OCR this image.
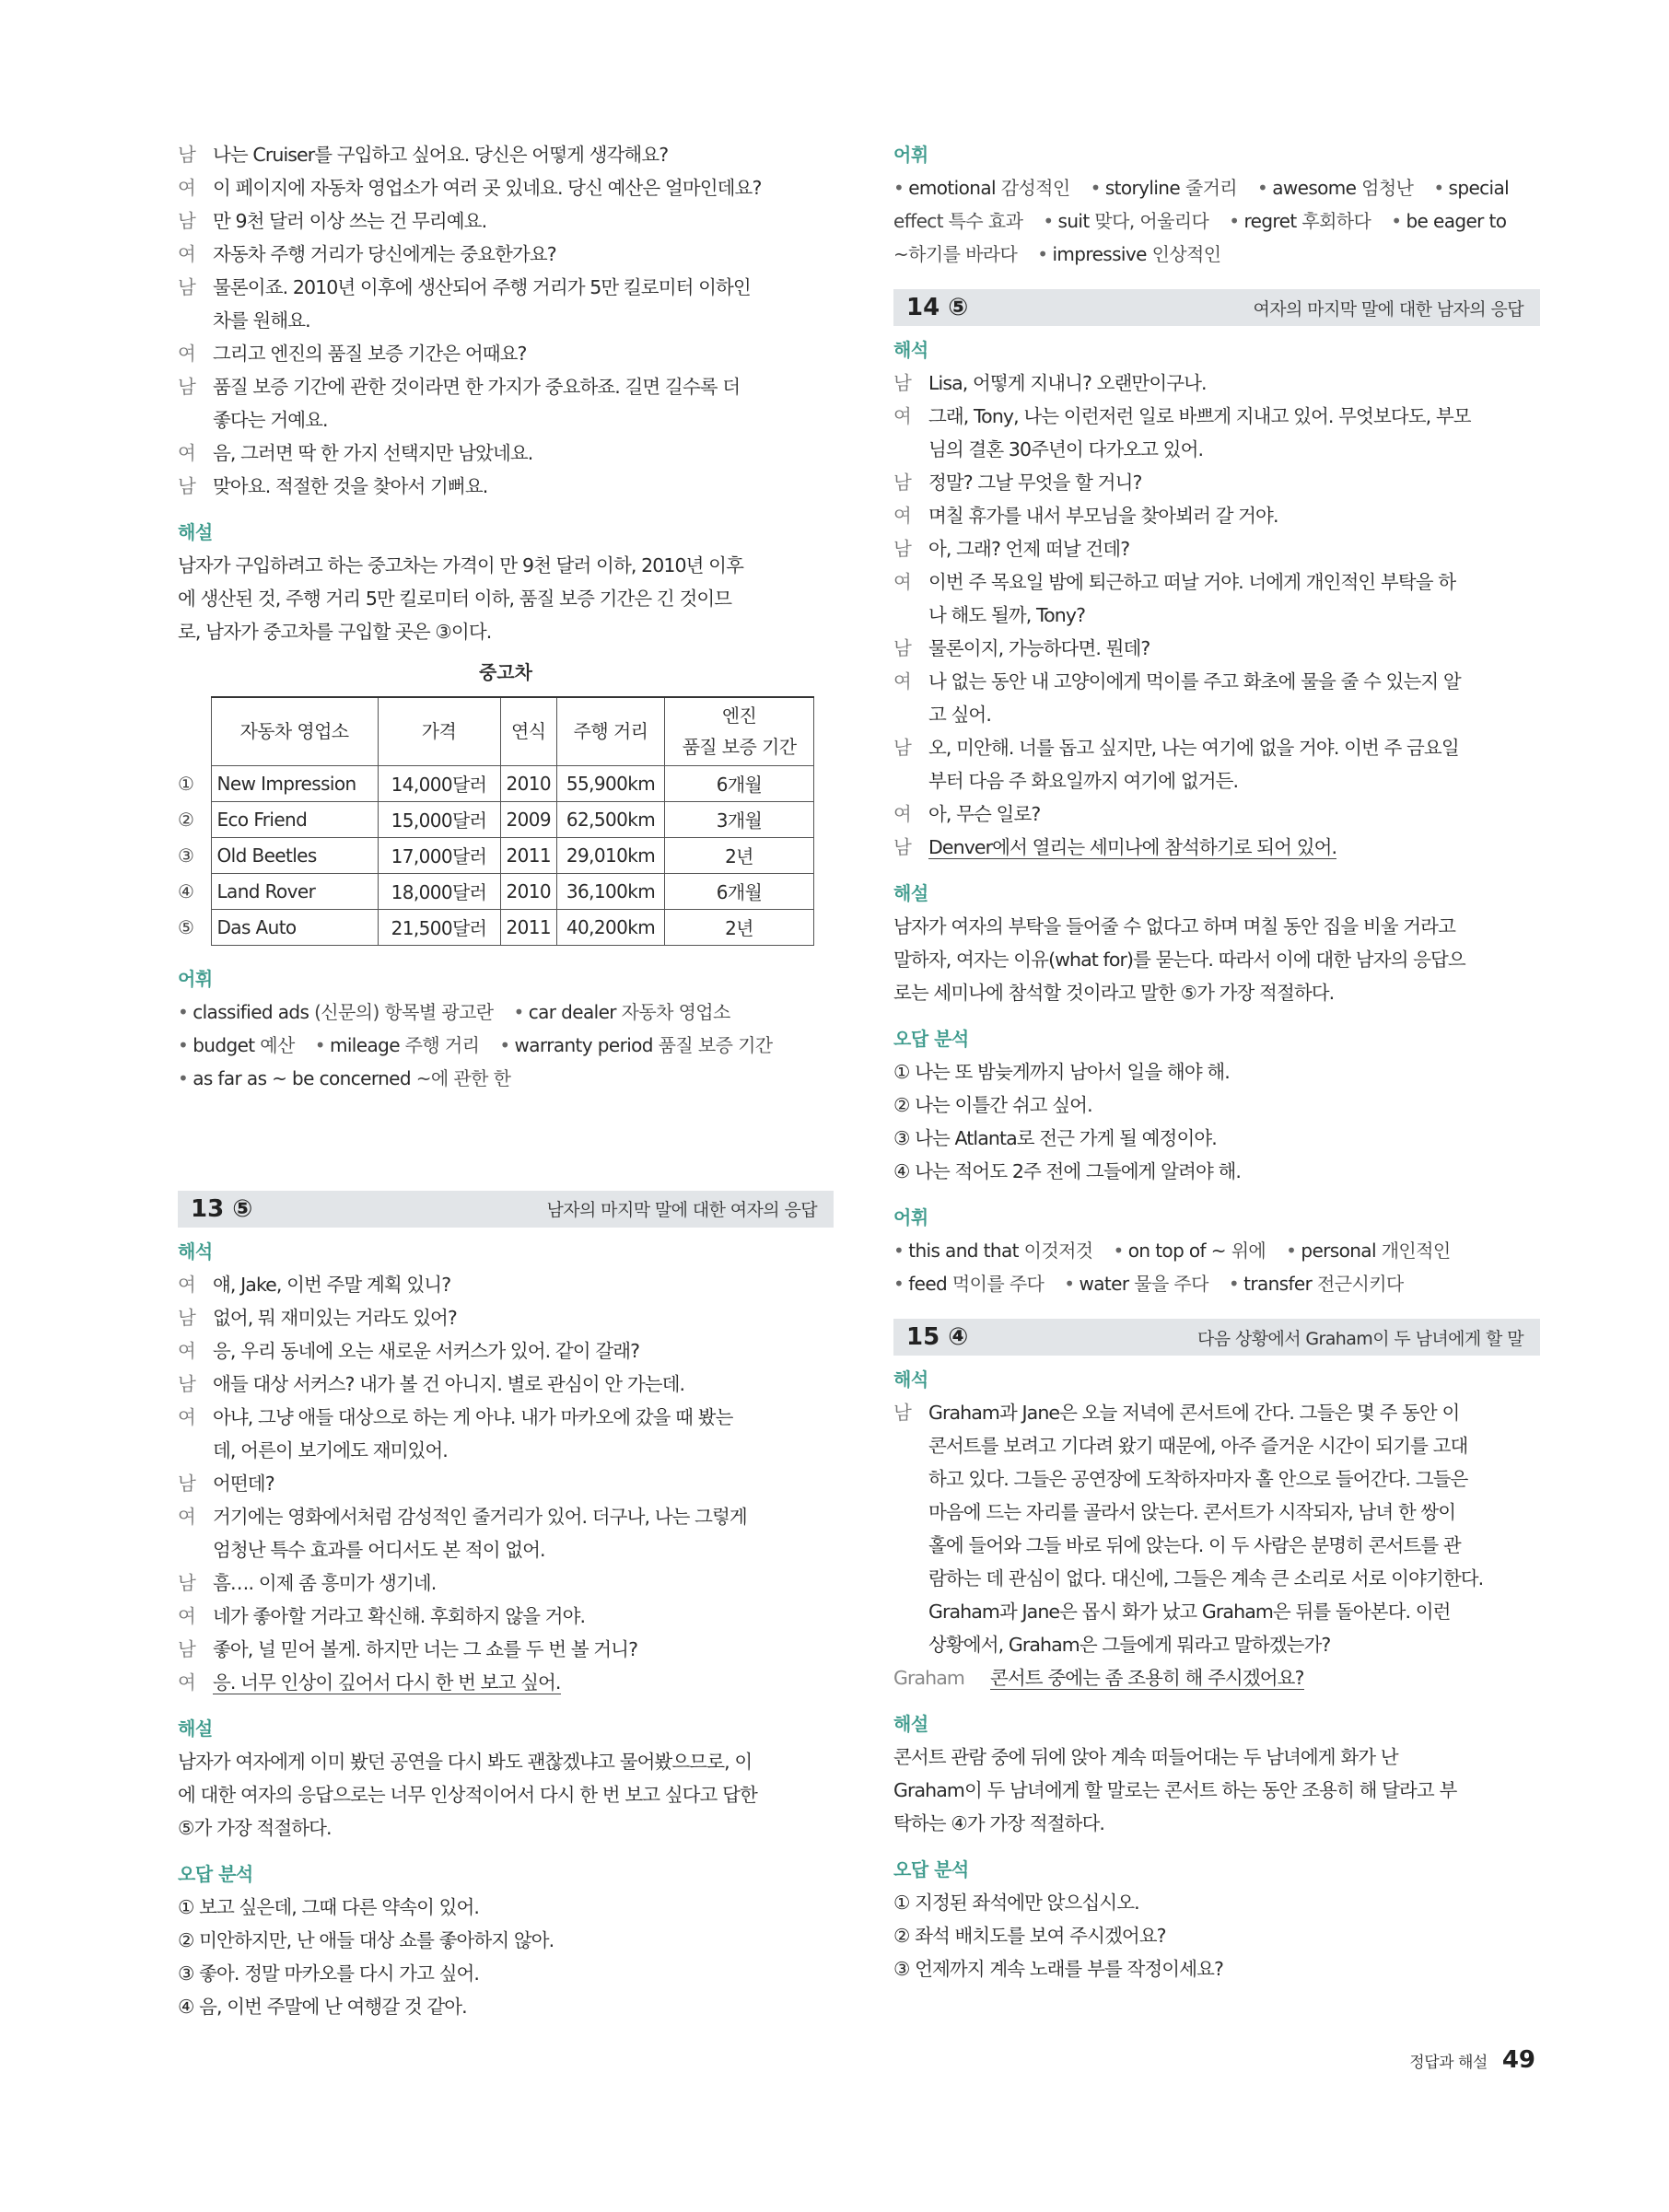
남 나는 Cruiser를 구입하고 싶어요. 당신은 어떻게 생각해요?
여 이 페이지에 자동차 영업소가 여러 곳 있네요. 당신 예산은 얼마인데요?
남 만 9천 달러 이상 쓰는 건 무리예요.
여 자동차 주행 거리가 당신에게는 중요한가요?
남 물론이죠. 2010년 이후에 생산되어 주행 거리가 5만 킬로미터 이하인
차를 원해요.
여 그리고 엔진의 품질 보증 기간은 어때요?
남 품질 보증 기간에 관한 것이라면 한 가지가 중요하죠. 길면 길수록 더
좋다는 거예요.
여 음, 그러면 딱 한 가지 선택지만 남았네요.
남 맞아요. 적절한 것을 찾아서 기뻐요.
해설
남자가 구입하려고 하는 중고차는 가격이 만 9천 달러 이하, 2010년 이후
에 생산된 것, 주행 거리 5만 킬로미터 이하, 품질 보증 기간은 긴 것이므
로, 남자가 중고차를 구입할 곳은 ③이다.
중고차
	자동차 영업소	가격	연식	주행 거리	엔진
품질 보증 기간
①	New Impression	14,000달러	2010	55,900km	6개월
②	Eco Friend	15,000달러	2009	62,500km	3개월
③	Old Beetles	17,000달러	2011	29,010km	2년
④	Land Rover	18,000달러	2010	36,100km	6개월
⑤	Das Auto	21,500달러	2011	40,200km	2년
어휘
• classified ads (신문의) 항목별 광고란 • car dealer 자동차 영업소
• budget 예산 • mileage 주행 거리 • warranty period 품질 보증 기간
• as far as ~ be concerned ~에 관한 한
13 ⑤	남자의 마지막 말에 대한 여자의 응답
해석
여 얘, Jake, 이번 주말 계획 있니?
남 없어, 뭐 재미있는 거라도 있어?
여 응, 우리 동네에 오는 새로운 서커스가 있어. 같이 갈래?
남 애들 대상 서커스? 내가 볼 건 아니지. 별로 관심이 안 가는데.
여 아냐, 그냥 애들 대상으로 하는 게 아냐. 내가 마카오에 갔을 때 봤는
데, 어른이 보기에도 재미있어.
남 어떤데?
여 거기에는 영화에서처럼 감성적인 줄거리가 있어. 더구나, 나는 그렇게
엄청난 특수 효과를 어디서도 본 적이 없어.
남 흠…. 이제 좀 흥미가 생기네.
여 네가 좋아할 거라고 확신해. 후회하지 않을 거야.
남 좋아, 널 믿어 볼게. 하지만 너는 그 쇼를 두 번 볼 거니?
여 응. 너무 인상이 깊어서 다시 한 번 보고 싶어.
해설
남자가 여자에게 이미 봤던 공연을 다시 봐도 괜찮겠냐고 물어봤으므로, 이
에 대한 여자의 응답으로는 너무 인상적이어서 다시 한 번 보고 싶다고 답한
⑤가 가장 적절하다.
오답 분석
① 보고 싶은데, 그때 다른 약속이 있어.
② 미안하지만, 난 애들 대상 쇼를 좋아하지 않아.
③ 좋아. 정말 마카오를 다시 가고 싶어.
④ 음, 이번 주말에 난 여행갈 것 같아.
어휘
• emotional 감성적인 • storyline 줄거리 • awesome 엄청난 • special
effect 특수 효과 • suit 맞다, 어울리다 • regret 후회하다 • be eager to
~하기를 바라다 • impressive 인상적인
14 ⑤	여자의 마지막 말에 대한 남자의 응답
해석
남 Lisa, 어떻게 지내니? 오랜만이구나.
여 그래, Tony, 나는 이런저런 일로 바쁘게 지내고 있어. 무엇보다도, 부모
님의 결혼 30주년이 다가오고 있어.
남 정말? 그날 무엇을 할 거니?
여 며칠 휴가를 내서 부모님을 찾아뵈러 갈 거야.
남 아, 그래? 언제 떠날 건데?
여 이번 주 목요일 밤에 퇴근하고 떠날 거야. 너에게 개인적인 부탁을 하
나 해도 될까, Tony?
남 물론이지, 가능하다면. 뭔데?
여 나 없는 동안 내 고양이에게 먹이를 주고 화초에 물을 줄 수 있는지 알
고 싶어.
남 오, 미안해. 너를 돕고 싶지만, 나는 여기에 없을 거야. 이번 주 금요일
부터 다음 주 화요일까지 여기에 없거든.
여 아, 무슨 일로?
남 Denver에서 열리는 세미나에 참석하기로 되어 있어.
해설
남자가 여자의 부탁을 들어줄 수 없다고 하며 며칠 동안 집을 비울 거라고
말하자, 여자는 이유(what for)를 묻는다. 따라서 이에 대한 남자의 응답으
로는 세미나에 참석할 것이라고 말한 ⑤가 가장 적절하다.
오답 분석
① 나는 또 밤늦게까지 남아서 일을 해야 해.
② 나는 이틀간 쉬고 싶어.
③ 나는 Atlanta로 전근 가게 될 예정이야.
④ 나는 적어도 2주 전에 그들에게 알려야 해.
어휘
• this and that 이것저것 • on top of ~ 위에 • personal 개인적인
• feed 먹이를 주다 • water 물을 주다 • transfer 전근시키다
15 ④	다음 상황에서 Graham이 두 남녀에게 할 말
해석
남 Graham과 Jane은 오늘 저녁에 콘서트에 간다. 그들은 몇 주 동안 이
콘서트를 보려고 기다려 왔기 때문에, 아주 즐거운 시간이 되기를 고대
하고 있다. 그들은 공연장에 도착하자마자 홀 안으로 들어간다. 그들은
마음에 드는 자리를 골라서 앉는다. 콘서트가 시작되자, 남녀 한 쌍이
홀에 들어와 그들 바로 뒤에 앉는다. 이 두 사람은 분명히 콘서트를 관
람하는 데 관심이 없다. 대신에, 그들은 계속 큰 소리로 서로 이야기한다.
Graham과 Jane은 몹시 화가 났고 Graham은 뒤를 돌아본다. 이런
상황에서, Graham은 그들에게 뭐라고 말하겠는가?
Graham	콘서트 중에는 좀 조용히 해 주시겠어요?
해설
콘서트 관람 중에 뒤에 앉아 계속 떠들어대는 두 남녀에게 화가 난
Graham이 두 남녀에게 할 말로는 콘서트 하는 동안 조용히 해 달라고 부
탁하는 ④가 가장 적절하다.
오답 분석
① 지정된 좌석에만 앉으십시오.
② 좌석 배치도를 보여 주시겠어요?
③ 언제까지 계속 노래를 부를 작정이세요?
정답과 해설 49
